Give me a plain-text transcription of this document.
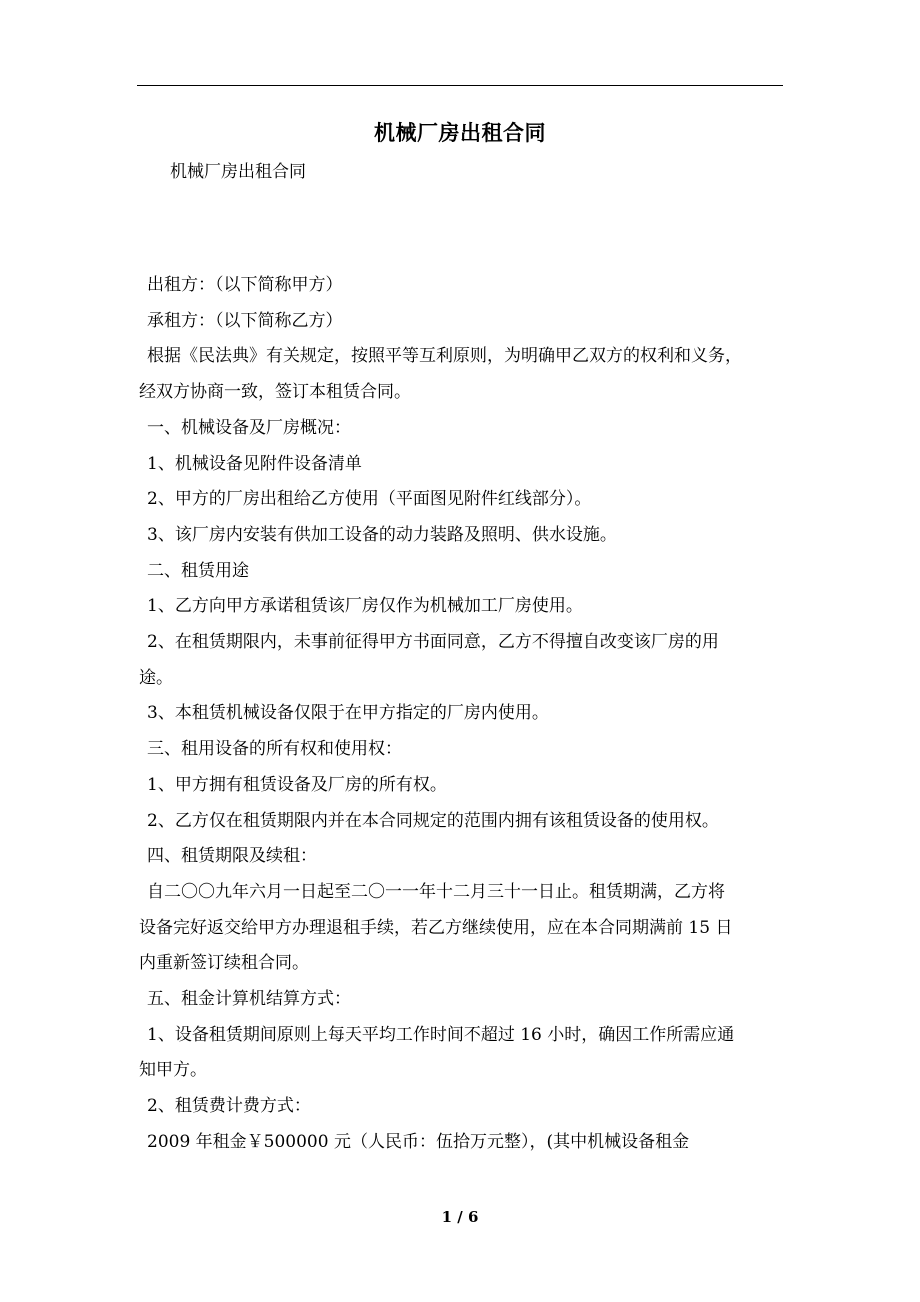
机械厂房出租合同
机械厂房出租合同

出租方：（以下简称甲方）

承租方：（以下简称乙方）

根据《民法典》有关规定，按照平等互利原则，为明确甲乙双方的权利和义务，

经双方协商一致，签订本租赁合同。

一、机械设备及厂房概况：

1、机械设备见附件设备清单

2、甲方的厂房出租给乙方使用（平面图见附件红线部分）。

3、该厂房内安装有供加工设备的动力装路及照明、供水设施。

二、租赁用途

1、乙方向甲方承诺租赁该厂房仅作为机械加工厂房使用。

2、在租赁期限内，未事前征得甲方书面同意，乙方不得擅自改变该厂房的用

途。

3、本租赁机械设备仅限于在甲方指定的厂房内使用。

三、租用设备的所有权和使用权：

1、甲方拥有租赁设备及厂房的所有权。

2、乙方仅在租赁期限内并在本合同规定的范围内拥有该租赁设备的使用权。

四、租赁期限及续租：

自二〇〇九年六月一日起至二〇一一年十二月三十一日止。租赁期满，乙方将

设备完好返交给甲方办理退租手续，若乙方继续使用，应在本合同期满前 15 日

内重新签订续租合同。

五、租金计算机结算方式：

1、设备租赁期间原则上每天平均工作时间不超过 16 小时，确因工作所需应通

知甲方。

2、租赁费计费方式：

2009 年租金￥500000 元（人民币：伍拾万元整），(其中机械设备租金

1 / 6
